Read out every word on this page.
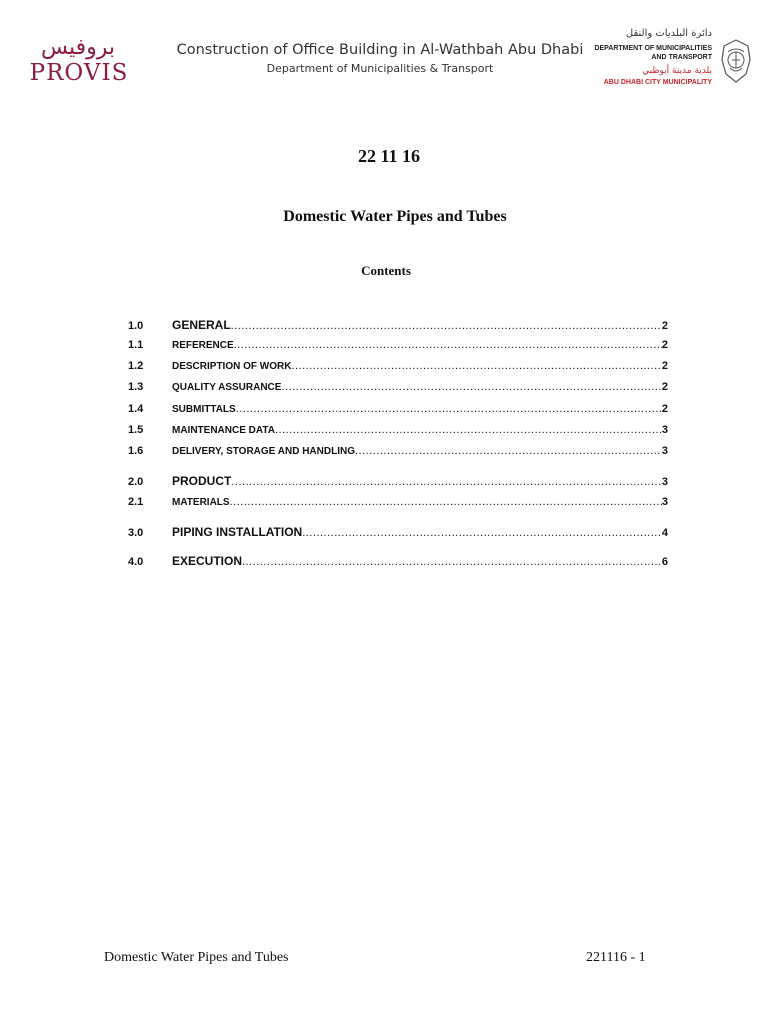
بروفيس
PROVIS
Construction of Office Building in Al-Wathbah Abu Dhabi
Department of Municipalities & Transport
دائرة البلديات والنقل
DEPARTMENT OF MUNICIPALITIES
AND TRANSPORT
بلدية مدينة أبوظبي
ABU DHABI CITY MUNICIPALITY
22 11 16
Domestic Water Pipes and Tubes
Contents
1.0	GENERAL .....	2
1.1	REFERENCE .....	2
1.2	DESCRIPTION OF WORK .....	2
1.3	QUALITY ASSURANCE .....	2
1.4	SUBMITTALS .....	2
1.5	MAINTENANCE DATA .....	3
1.6	DELIVERY, STORAGE AND HANDLING .....	3
2.0	PRODUCT .....	3
2.1	MATERIALS .....	3
3.0	PIPING INSTALLATION .....	4
4.0	EXECUTION .....	6
Domestic Water Pipes and Tubes	221116 - 1
